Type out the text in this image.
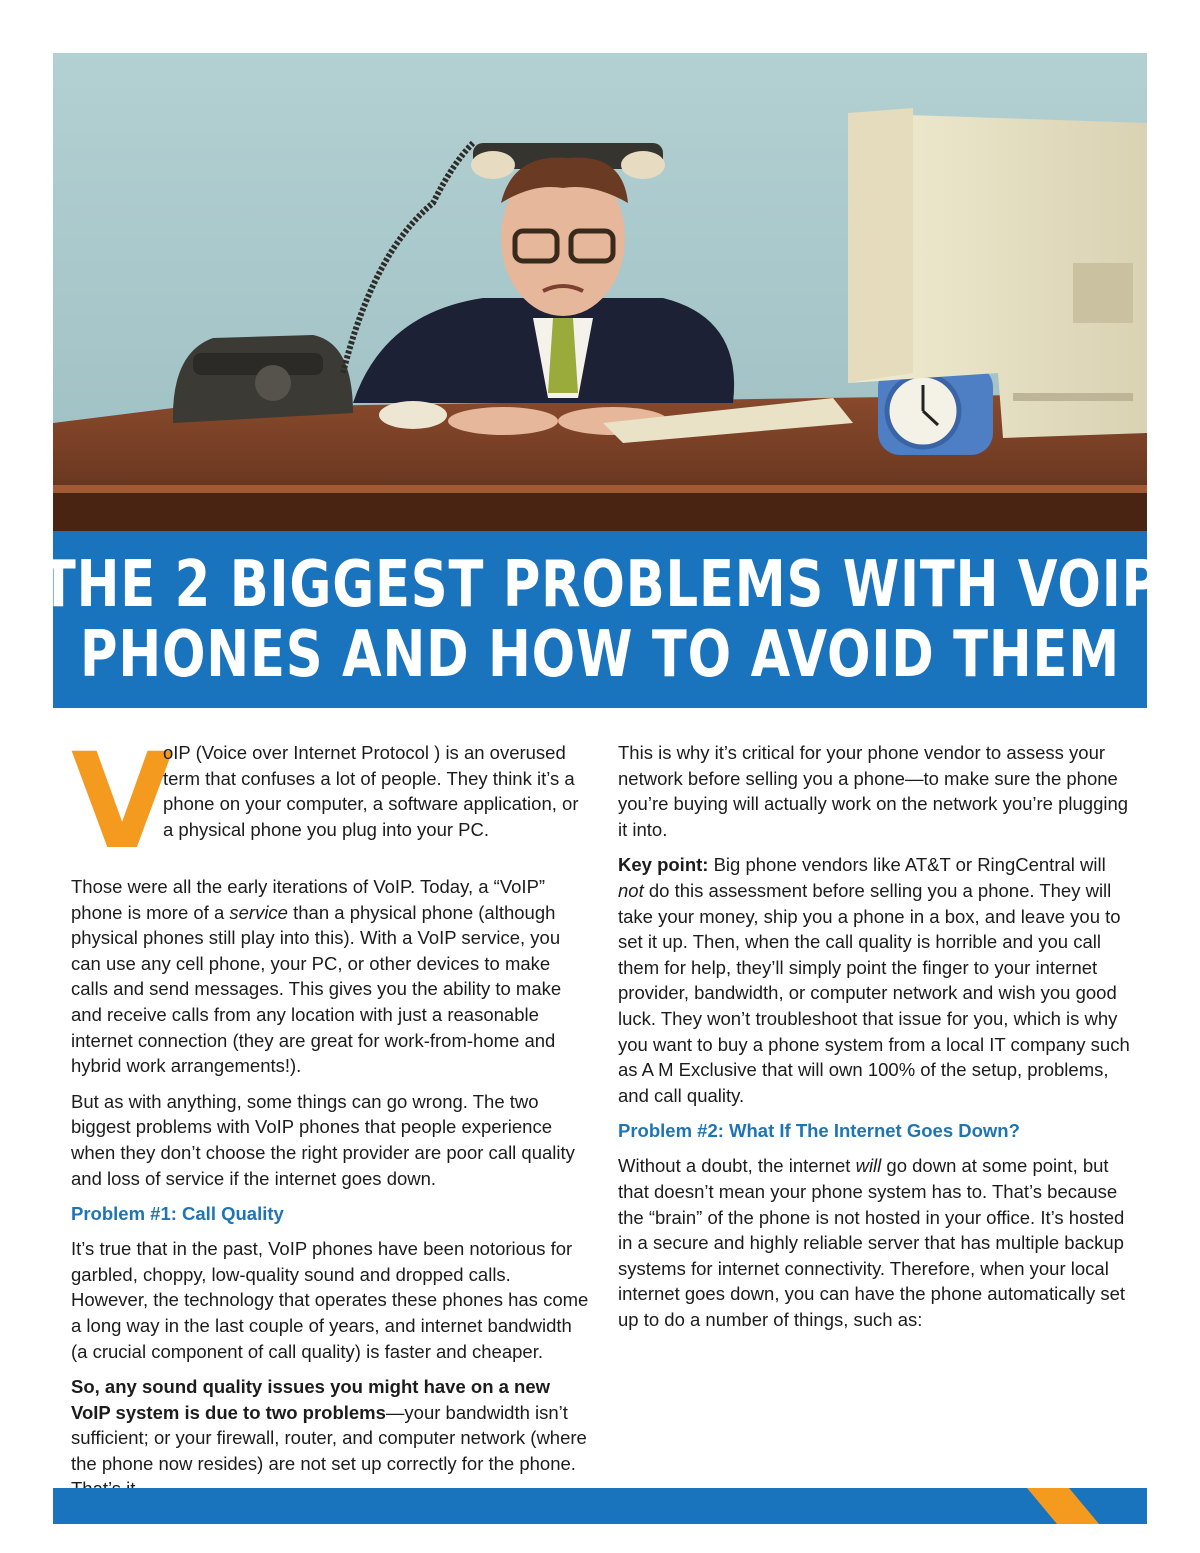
THE 2 BIGGEST PROBLEMS WITH VOIP
PHONES AND HOW TO AVOID THEM

V
oIP (Voice over Internet Protocol ) is an overused term that confuses a lot of people. They think it’s a phone on your computer, a software application, or a physical phone you plug into your PC.

Those were all the early iterations of VoIP. Today, a “VoIP” phone is more of a service than a physical phone (although physical phones still play into this). With a VoIP service, you can use any cell phone, your PC, or other devices to make calls and send messages. This gives you the ability to make and receive calls from any location with just a reasonable internet connection (they are great for work-from-home and hybrid work arrangements!).

But as with anything, some things can go wrong. The two biggest problems with VoIP phones that people experience when they don’t choose the right provider are poor call quality and loss of service if the internet goes down.

Problem #1: Call Quality

It’s true that in the past, VoIP phones have been notorious for garbled, choppy, low-quality sound and dropped calls. However, the technology that operates these phones has come a long way in the last couple of years, and internet bandwidth (a crucial component of call quality) is faster and cheaper.

So, any sound quality issues you might have on a new VoIP system is due to two problems—your bandwidth isn’t sufficient; or your firewall, router, and computer network (where the phone now resides) are not set up correctly for the phone.

This is why it’s critical for your phone vendor to assess your network before selling you a phone—to make sure the phone you’re buying will actually work on the network you’re plugging it into.

Key point: Big phone vendors like AT&T or RingCentral will not do this assessment before selling you a phone. They will take your money, ship you a phone in a box, and leave you to set it up. Then, when the call quality is horrible and you call them for help, they’ll simply point the finger to your internet provider, bandwidth, or computer network and wish you good luck. They won’t troubleshoot that issue for you, which is why you want to buy a phone system from a local IT company such as A M Exclusive that will own 100% of the setup, problems, and call quality.

Problem #2: What If The Internet Goes Down?

Without a doubt, the internet will go down at some point, but that doesn’t mean your phone system has to. That’s because the “brain” of the phone is not hosted in your office. It’s hosted in a secure and highly reliable server that has multiple backup systems for internet connectivity. Therefore, when your local internet goes down, you can have the phone automatically set up to do a number of things, such as:
